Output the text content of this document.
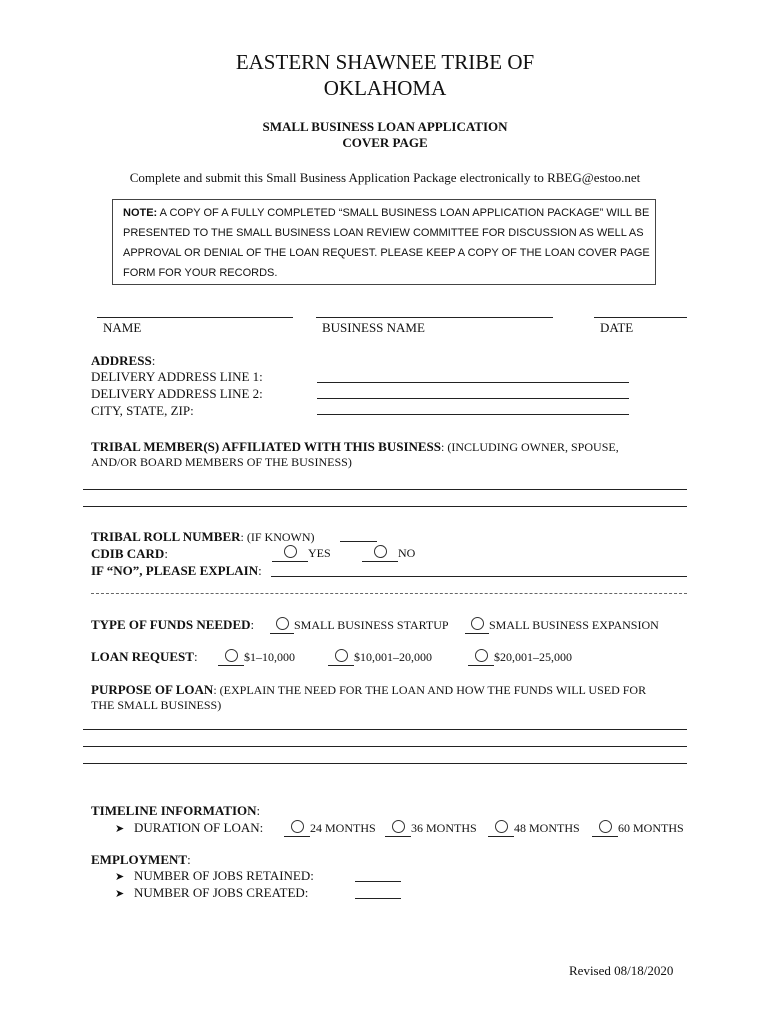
EASTERN SHAWNEE TRIBE OF
OKLAHOMA
SMALL BUSINESS LOAN APPLICATION
COVER PAGE
Complete and submit this Small Business Application Package electronically to RBEG@estoo.net
NOTE: A COPY OF A FULLY COMPLETED “SMALL BUSINESS LOAN APPLICATION PACKAGE” WILL BE PRESENTED TO THE SMALL BUSINESS LOAN REVIEW COMMITTEE FOR DISCUSSION AS WELL AS APPROVAL OR DENIAL OF THE LOAN REQUEST. PLEASE KEEP A COPY OF THE LOAN COVER PAGE FORM FOR YOUR RECORDS.
NAME	BUSINESS NAME	DATE
ADDRESS:
DELIVERY ADDRESS LINE 1:
DELIVERY ADDRESS LINE 2:
CITY, STATE, ZIP:
TRIBAL MEMBER(S) AFFILIATED WITH THIS BUSINESS: (INCLUDING OWNER, SPOUSE,
AND/OR BOARD MEMBERS OF THE BUSINESS)
TRIBAL ROLL NUMBER: (IF KNOWN)
CDIB CARD:	YES	NO
IF “NO”, PLEASE EXPLAIN:
TYPE OF FUNDS NEEDED:	SMALL BUSINESS STARTUP	SMALL BUSINESS EXPANSION
LOAN REQUEST:	$1–10,000	$10,001–20,000	$20,001–25,000
PURPOSE OF LOAN: (EXPLAIN THE NEED FOR THE LOAN AND HOW THE FUNDS WILL USED FOR
THE SMALL BUSINESS)
TIMELINE INFORMATION:
➤ DURATION OF LOAN:	24 MONTHS	36 MONTHS	48 MONTHS	60 MONTHS
EMPLOYMENT:
➤ NUMBER OF JOBS RETAINED:
➤ NUMBER OF JOBS CREATED:
Revised 08/18/2020
